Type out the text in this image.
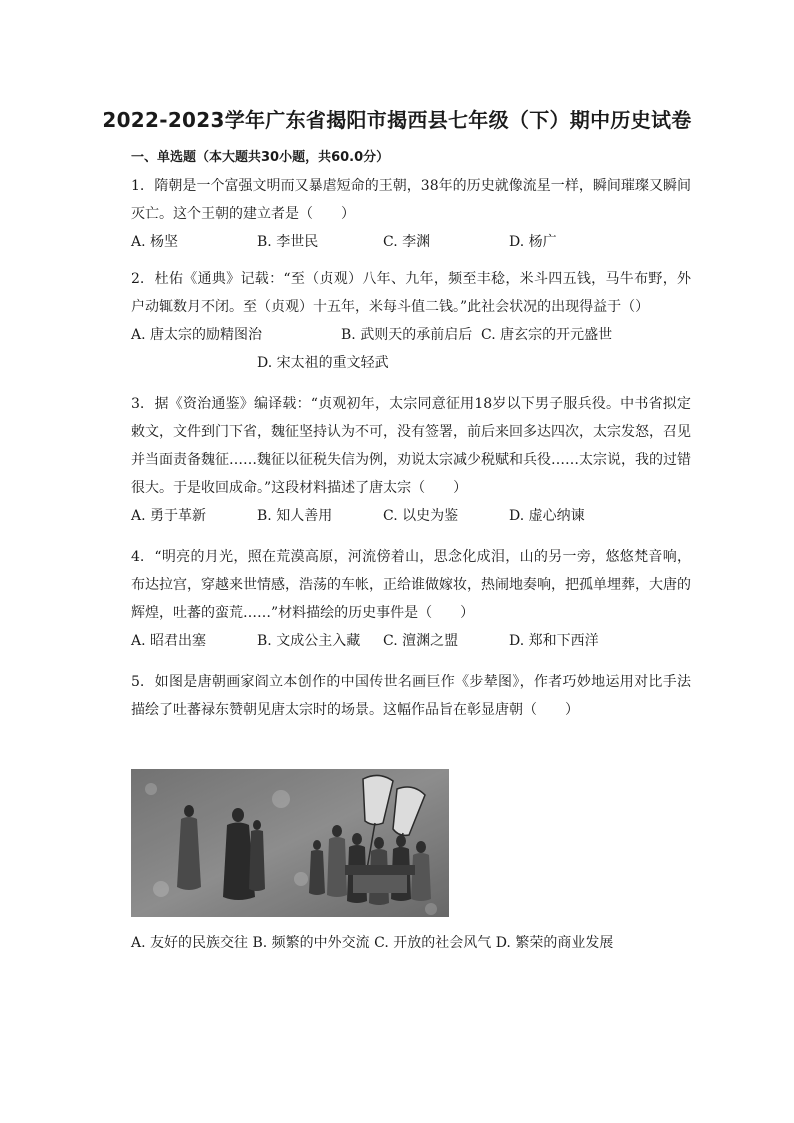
2022-2023学年广东省揭阳市揭西县七年级（下）期中历史试卷

一、单选题（本大题共30小题，共60.0分）

1. 隋朝是一个富强文明而又暴虐短命的王朝，38年的历史就像流星一样，瞬间璀璨又瞬间灭亡。这个王朝的建立者是（　　）

A. 杨坚	B. 李世民	C. 李渊	D. 杨广

2. 杜佑《通典》记载：“至（贞观）八年、九年，频至丰稔，米斗四五钱，马牛布野，外户动辄数月不闭。至（贞观）十五年，米每斗值二钱。”此社会状况的出现得益于（）

A. 唐太宗的励精图治	B. 武则天的承前启后 C. 唐玄宗的开元盛世
D. 宋太祖的重文轻武

3. 据《资治通鉴》编译载：“贞观初年，太宗同意征用18岁以下男子服兵役。中书省拟定敕文，文件到门下省，魏征坚持认为不可，没有签署，前后来回多达四次，太宗发怒，召见并当面责备魏征……魏征以征税失信为例，劝说太宗减少税赋和兵役……太宗说，我的过错很大。于是收回成命。”这段材料描述了唐太宗（　　）

A. 勇于革新	B. 知人善用	C. 以史为鉴	D. 虚心纳谏

4. “明亮的月光，照在荒漠高原，河流傍着山，思念化成泪，山的另一旁，悠悠梵音响，布达拉宫，穿越来世情感，浩荡的车帐，正给谁做嫁妆，热闹地奏响，把孤单埋葬，大唐的辉煌，吐蕃的蛮荒……”材料描绘的历史事件是（　　）

A. 昭君出塞	B. 文成公主入藏	C. 澶渊之盟	D. 郑和下西洋

5. 如图是唐朝画家阎立本创作的中国传世名画巨作《步辇图》，作者巧妙地运用对比手法描绘了吐蕃禄东赞朝见唐太宗时的场景。这幅作品旨在彰显唐朝（　　）

A. 友好的民族交往 B. 频繁的中外交流 C. 开放的社会风气 D. 繁荣的商业发展
